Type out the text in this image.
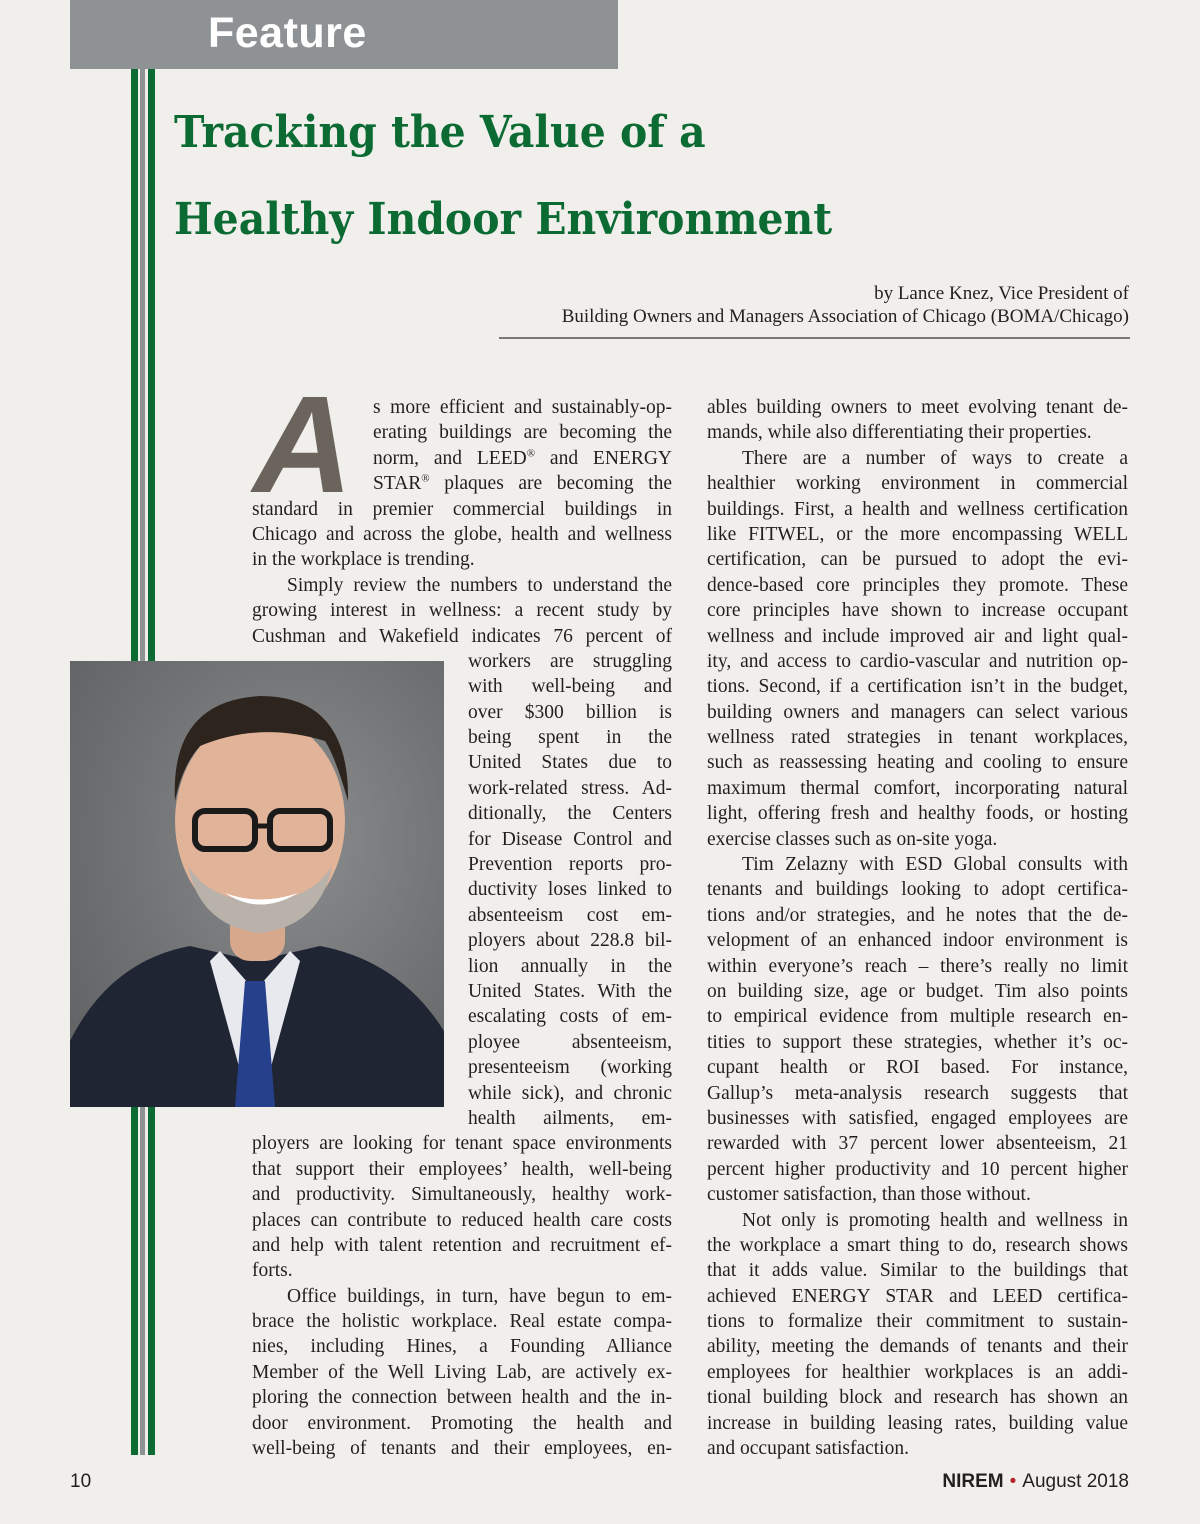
Feature
Tracking the Value of a
Healthy Indoor Environment
by Lance Knez, Vice President of
Building Owners and Managers Association of Chicago (BOMA/Chicago)
A	s more efficient and sustainably-op-
erating buildings are becoming the
norm, and LEED® and ENERGY
STAR® plaques are becoming the
standard in premier commercial buildings in
Chicago and across the globe, health and wellness
in the workplace is trending.
Simply review the numbers to understand the
growing interest in wellness: a recent study by
Cushman and Wakefield indicates 76 percent of
workers are struggling
with well-being and
over $300 billion is
being spent in the
United States due to
work-related stress. Ad-
ditionally, the Centers
for Disease Control and
Prevention reports pro-
ductivity loses linked to
absenteeism cost em-
ployers about 228.8 bil-
lion annually in the
United States. With the
escalating costs of em-
ployee absenteeism,
presenteeism (working
while sick), and chronic
health ailments, em-
ployers are looking for tenant space environments
that support their employees’ health, well-being
and productivity. Simultaneously, healthy work-
places can contribute to reduced health care costs
and help with talent retention and recruitment ef-
forts.
Office buildings, in turn, have begun to em-
brace the holistic workplace. Real estate compa-
nies, including Hines, a Founding Alliance
Member of the Well Living Lab, are actively ex-
ploring the connection between health and the in-
door environment. Promoting the health and
well-being of tenants and their employees, en-
ables building owners to meet evolving tenant de-
mands, while also differentiating their properties.
There are a number of ways to create a
healthier working environment in commercial
buildings. First, a health and wellness certification
like FITWEL, or the more encompassing WELL
certification, can be pursued to adopt the evi-
dence-based core principles they promote. These
core principles have shown to increase occupant
wellness and include improved air and light qual-
ity, and access to cardio-vascular and nutrition op-
tions. Second, if a certification isn’t in the budget,
building owners and managers can select various
wellness rated strategies in tenant workplaces,
such as reassessing heating and cooling to ensure
maximum thermal comfort, incorporating natural
light, offering fresh and healthy foods, or hosting
exercise classes such as on-site yoga.
Tim Zelazny with ESD Global consults with
tenants and buildings looking to adopt certifica-
tions and/or strategies, and he notes that the de-
velopment of an enhanced indoor environment is
within everyone’s reach – there’s really no limit
on building size, age or budget. Tim also points
to empirical evidence from multiple research en-
tities to support these strategies, whether it’s oc-
cupant health or ROI based. For instance,
Gallup’s meta-analysis research suggests that
businesses with satisfied, engaged employees are
rewarded with 37 percent lower absenteeism, 21
percent higher productivity and 10 percent higher
customer satisfaction, than those without.
Not only is promoting health and wellness in
the workplace a smart thing to do, research shows
that it adds value. Similar to the buildings that
achieved ENERGY STAR and LEED certifica-
tions to formalize their commitment to sustain-
ability, meeting the demands of tenants and their
employees for healthier workplaces is an addi-
tional building block and research has shown an
increase in building leasing rates, building value
and occupant satisfaction.
10	NIREM • August 2018
